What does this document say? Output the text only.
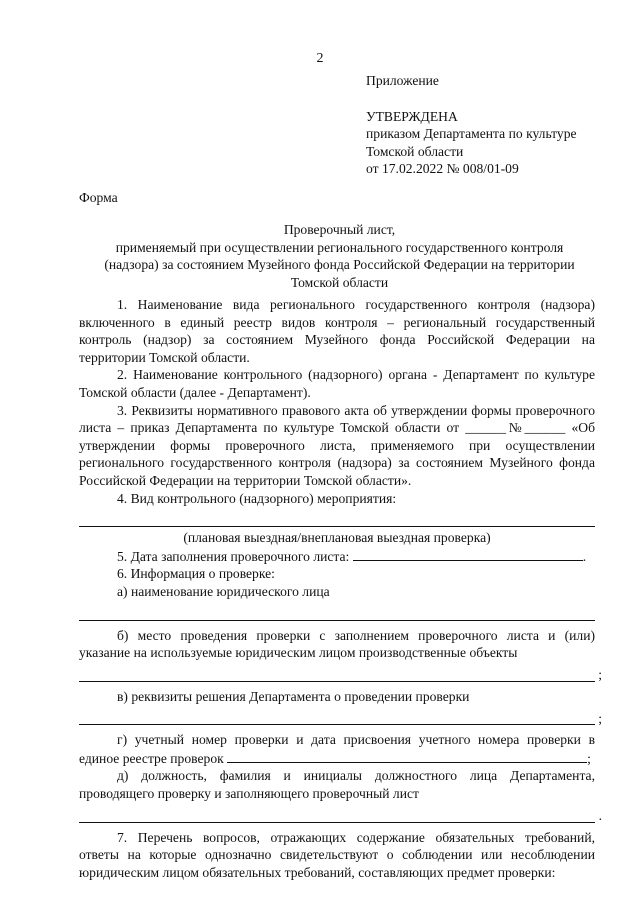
2

Приложение

УТВЕРЖДЕНА

приказом Департамента по культуре

Томской области

от 17.02.2022 № 008/01-09

Форма

Проверочный лист,

применяемый при осуществлении регионального государственного контроля

(надзора) за состоянием Музейного фонда Российской Федерации на территории

Томской области

1. Наименование вида регионального государственного контроля (надзора) включенного в единый реестр видов контроля – региональный государственный контроль (надзор) за состоянием Музейного фонда Российской Федерации на территории Томской области.

2. Наименование контрольного (надзорного) органа - Департамент по культуре Томской области (далее - Департамент).

3. Реквизиты нормативного правового акта об утверждении формы проверочного листа – приказ Департамента по культуре Томской области от ______№______ «Об утверждении формы проверочного листа, применяемого при осуществлении регионального государственного контроля (надзора) за состоянием Музейного фонда Российской Федерации на территории Томской области».

4. Вид контрольного (надзорного) мероприятия:

(плановая выездная/внеплановая выездная проверка)

5. Дата заполнения проверочного листа:	.

6. Информация о проверке:

а) наименование юридического лица

б) место проведения проверки с заполнением проверочного листа и (или) указание на используемые юридическим лицом производственные объекты

;

в) реквизиты решения Департамента о проведении проверки

;

г) учетный номер проверки и дата присвоения учетного номера проверки в единое реестре проверок	;

д) должность, фамилия и инициалы должностного лица Департамента, проводящего проверку и заполняющего проверочный лист

.

7. Перечень вопросов, отражающих содержание обязательных требований, ответы на которые однозначно свидетельствуют о соблюдении или несоблюдении юридическим лицом обязательных требований, составляющих предмет проверки:
